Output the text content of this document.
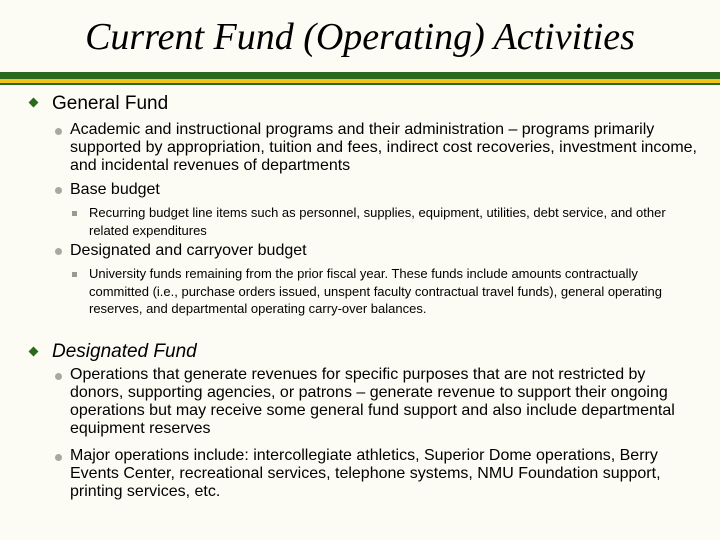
Current Fund (Operating) Activities
General Fund
Academic and instructional programs and their administration – programs primarily supported by appropriation, tuition and fees, indirect cost recoveries, investment income, and incidental revenues of departments
Base budget
Recurring budget line items such as personnel, supplies, equipment, utilities, debt service, and other related expenditures
Designated and carryover budget
University funds remaining from the prior fiscal year. These funds include amounts contractually committed (i.e., purchase orders issued, unspent faculty contractual travel funds), general operating reserves, and departmental operating carry-over balances.
Designated Fund
Operations that generate revenues for specific purposes that are not restricted by donors, supporting agencies, or patrons – generate revenue to support their ongoing operations but may receive some general fund support and also include departmental equipment reserves
Major operations include: intercollegiate athletics, Superior Dome operations, Berry Events Center, recreational services, telephone systems, NMU Foundation support, printing services, etc.
